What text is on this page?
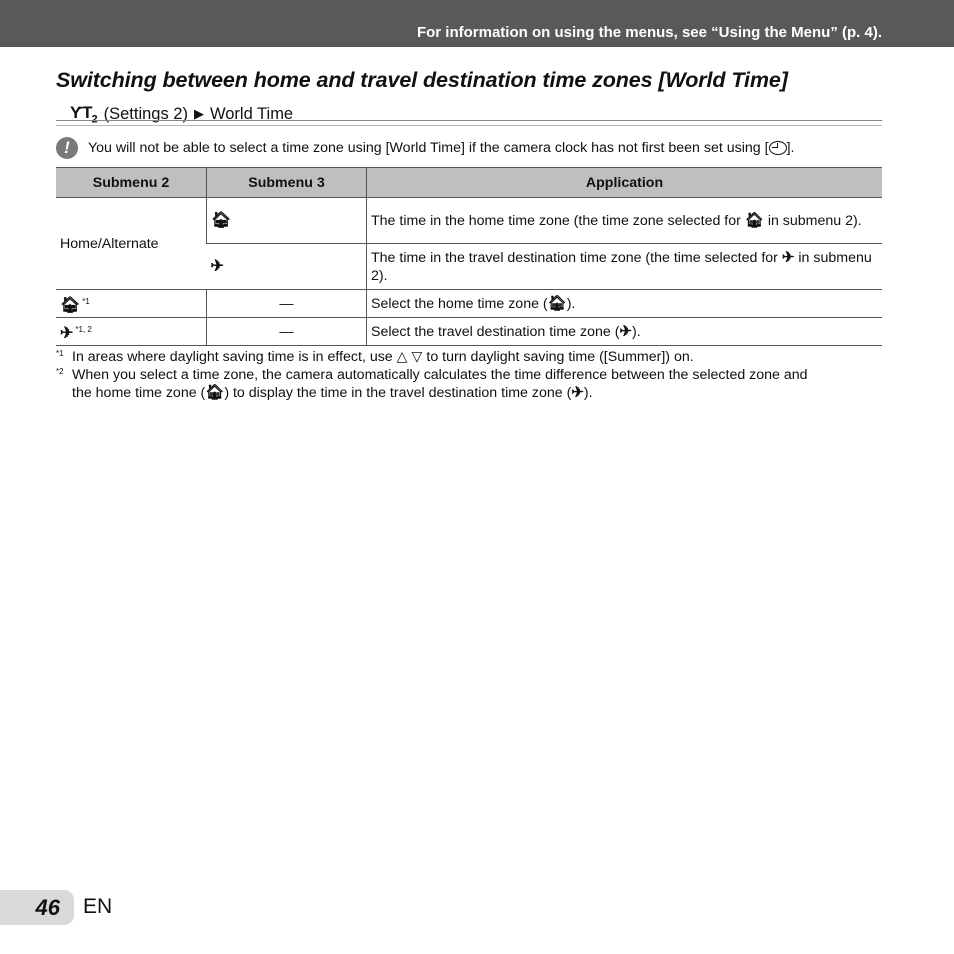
For information on using the menus, see “Using the Menu” (p. 4).
Switching between home and travel destination time zones [World Time]
$ƳT_2$ (Settings 2) ▶ World Time
!	You will not be able to select a time zone using [World Time] if the camera clock has not first been set using [ ].
Submenu 2	Submenu 3	Application
Home/Alternate	🏠︎	The time in the home time zone (the time zone selected for 🏠︎ in submenu 2).
	✈︎	The time in the travel destination time zone (the time selected for ✈︎ in submenu 2).
🏠︎ $^{*1}$	—	Select the home time zone (🏠︎).
✈︎ $^{*1, 2}$	—	Select the travel destination time zone (✈︎).
*1 In areas where daylight saving time is in effect, use △ ▽ to turn daylight saving time ([Summer]) on.
*2 When you select a time zone, the camera automatically calculates the time difference between the selected zone and
the home time zone (🏠︎) to display the time in the travel destination time zone (✈︎).
46 EN
